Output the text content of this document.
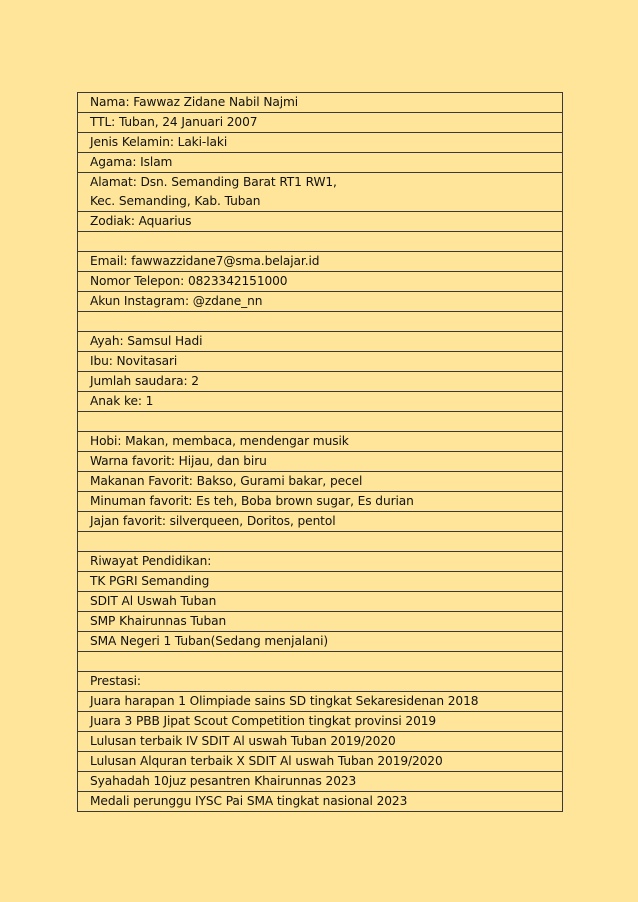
Nama: Fawwaz Zidane Nabil Najmi
TTL: Tuban, 24 Januari 2007
Jenis Kelamin: Laki-laki
Agama: Islam

Alamat: Dsn. Semanding Barat RT1 RW1,
Kec. Semanding, Kab. Tuban

Zodiak: Aquarius

Email: fawwazzidane7@sma.belajar.id
Nomor Telepon: 0823342151000
Akun Instagram: @zdane_nn

Ayah: Samsul Hadi
Ibu: Novitasari
Jumlah saudara: 2
Anak ke: 1

Hobi: Makan, membaca, mendengar musik
Warna favorit: Hijau, dan biru
Makanan Favorit: Bakso, Gurami bakar, pecel
Minuman favorit: Es teh, Boba brown sugar, Es durian
Jajan favorit: silverqueen, Doritos, pentol

Riwayat Pendidikan:
TK PGRI Semanding
SDIT Al Uswah Tuban
SMP Khairunnas Tuban
SMA Negeri 1 Tuban(Sedang menjalani)

Prestasi:
Juara harapan 1 Olimpiade sains SD tingkat Sekaresidenan 2018
Juara 3 PBB Jipat Scout Competition tingkat provinsi 2019
Lulusan terbaik IV SDIT Al uswah Tuban 2019/2020
Lulusan Alquran terbaik X SDIT Al uswah Tuban 2019/2020
Syahadah 10juz pesantren Khairunnas 2023
Medali perunggu IYSC Pai SMA tingkat nasional 2023
